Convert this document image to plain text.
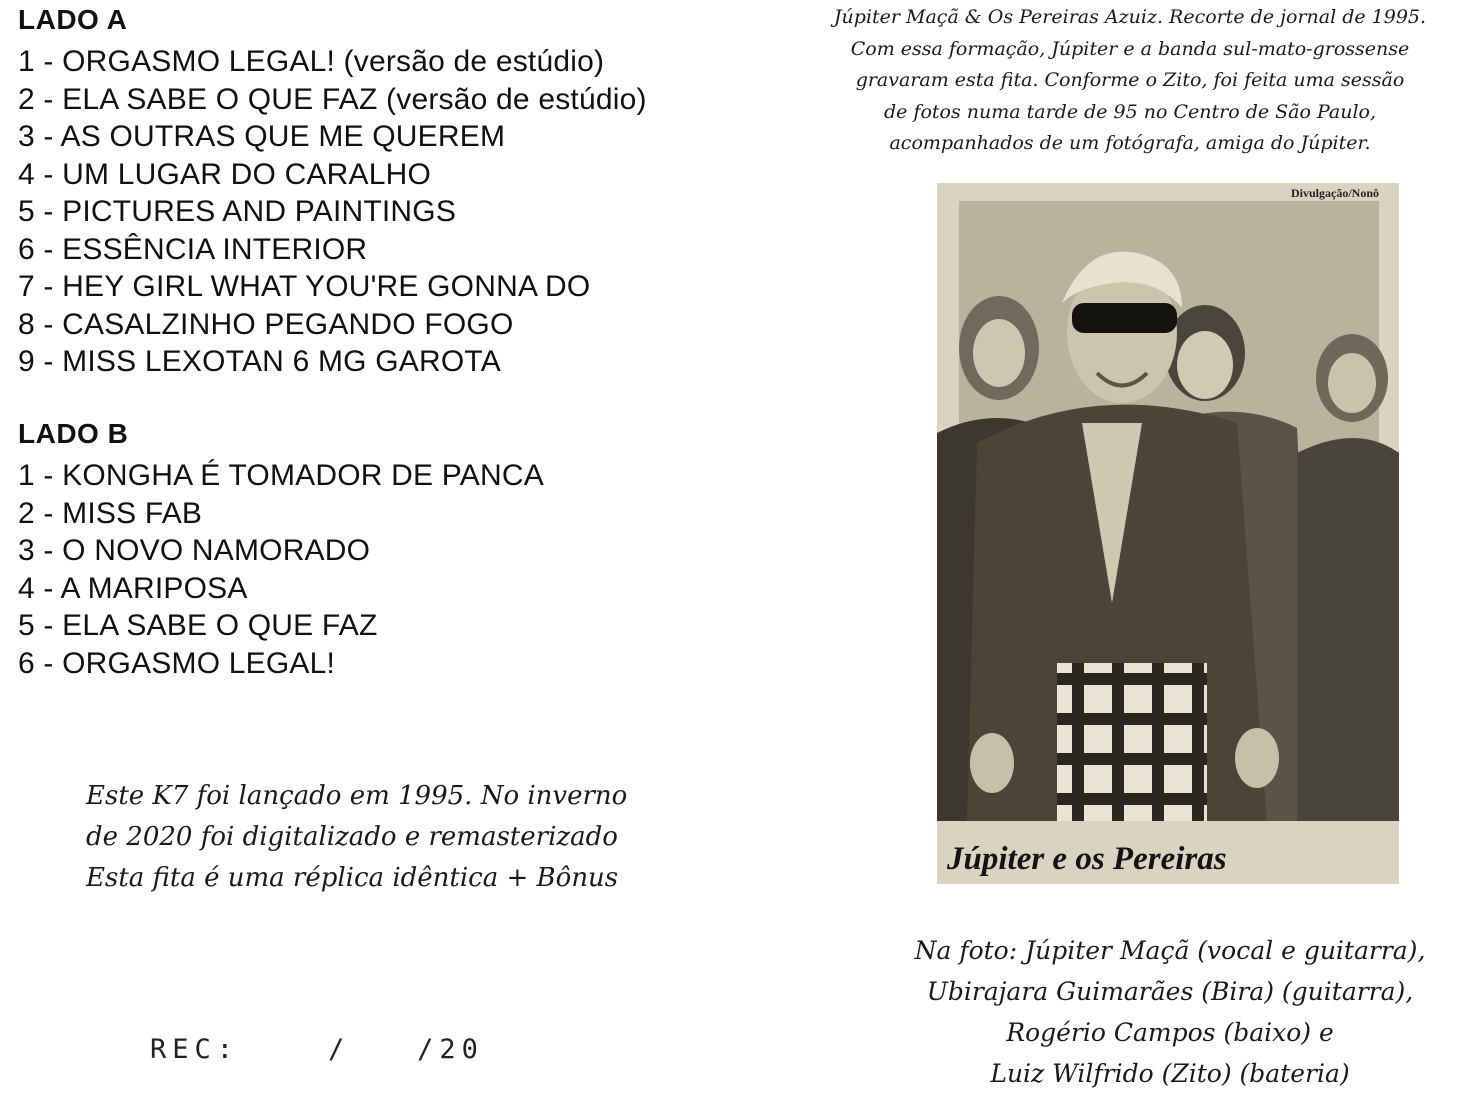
LADO A
1 - ORGASMO LEGAL! (versão de estúdio)
2 - ELA SABE O QUE FAZ (versão de estúdio)
3 - AS OUTRAS QUE ME QUEREM
4 - UM LUGAR DO CARALHO
5 - PICTURES AND PAINTINGS
6 - ESSÊNCIA INTERIOR
7 - HEY GIRL WHAT YOU'RE GONNA DO
8 - CASALZINHO PEGANDO FOGO
9 - MISS LEXOTAN 6 MG GAROTA
LADO B
1 - KONGHA É TOMADOR DE PANCA
2 - MISS FAB
3 - O NOVO NAMORADO
4 - A MARIPOSA
5 - ELA SABE O QUE FAZ
6 - ORGASMO LEGAL!
Este K7 foi lançado em 1995. No inverno
de 2020 foi digitalizado e remasterizado
Esta fita é uma réplica idêntica + Bônus
REC:    /   /20
Júpiter Maçã & Os Pereiras Azuiz. Recorte de jornal de 1995.
Com essa formação, Júpiter e a banda sul-mato-grossense
gravaram esta fita. Conforme o Zito, foi feita uma sessão
de fotos numa tarde de 95 no Centro de São Paulo,
acompanhados de um fotógrafa, amiga do Júpiter.
Divulgação/Nonô
Júpiter e os Pereiras
Na foto: Júpiter Maçã (vocal e guitarra),
Ubirajara Guimarães (Bira) (guitarra),
Rogério Campos (baixo) e
Luiz Wilfrido (Zito) (bateria)
